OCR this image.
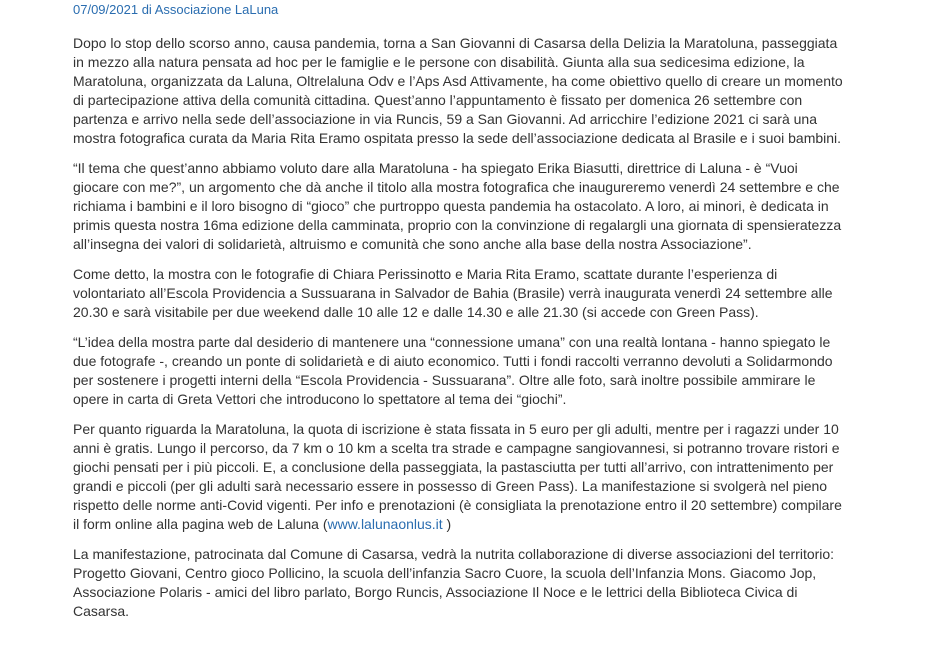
07/09/2021 di Associazione LaLuna

Dopo lo stop dello scorso anno, causa pandemia, torna a San Giovanni di Casarsa della Delizia la Maratoluna, passeggiata
in mezzo alla natura pensata ad hoc per le famiglie e le persone con disabilità. Giunta alla sua sedicesima edizione, la
Maratoluna, organizzata da Laluna, Oltrelaluna Odv e l’Aps Asd Attivamente, ha come obiettivo quello di creare un momento
di partecipazione attiva della comunità cittadina. Quest’anno l’appuntamento è fissato per domenica 26 settembre con
partenza e arrivo nella sede dell’associazione in via Runcis, 59 a San Giovanni. Ad arricchire l’edizione 2021 ci sarà una
mostra fotografica curata da Maria Rita Eramo ospitata presso la sede dell’associazione dedicata al Brasile e i suoi bambini.

“Il tema che quest’anno abbiamo voluto dare alla Maratoluna - ha spiegato Erika Biasutti, direttrice di Laluna - è “Vuoi
giocare con me?”, un argomento che dà anche il titolo alla mostra fotografica che inaugureremo venerdì 24 settembre e che
richiama i bambini e il loro bisogno di “gioco” che purtroppo questa pandemia ha ostacolato. A loro, ai minori, è dedicata in
primis questa nostra 16ma edizione della camminata, proprio con la convinzione di regalargli una giornata di spensieratezza
all’insegna dei valori di solidarietà, altruismo e comunità che sono anche alla base della nostra Associazione”.

Come detto, la mostra con le fotografie di Chiara Perissinotto e Maria Rita Eramo, scattate durante l’esperienza di
volontariato all’Escola Providencia a Sussuarana in Salvador de Bahia (Brasile) verrà inaugurata venerdì 24 settembre alle
20.30 e sarà visitabile per due weekend dalle 10 alle 12 e dalle 14.30 e alle 21.30 (si accede con Green Pass).

“L’idea della mostra parte dal desiderio di mantenere una “connessione umana” con una realtà lontana - hanno spiegato le
due fotografe -, creando un ponte di solidarietà e di aiuto economico. Tutti i fondi raccolti verranno devoluti a Solidarmondo
per sostenere i progetti interni della “Escola Providencia - Sussuarana”. Oltre alle foto, sarà inoltre possibile ammirare le
opere in carta di Greta Vettori che introducono lo spettatore al tema dei “giochi”.

Per quanto riguarda la Maratoluna, la quota di iscrizione è stata fissata in 5 euro per gli adulti, mentre per i ragazzi under 10
anni è gratis. Lungo il percorso, da 7 km o 10 km a scelta tra strade e campagne sangiovannesi, si potranno trovare ristori e
giochi pensati per i più piccoli. E, a conclusione della passeggiata, la pastasciutta per tutti all’arrivo, con intrattenimento per
grandi e piccoli (per gli adulti sarà necessario essere in possesso di Green Pass). La manifestazione si svolgerà nel pieno
rispetto delle norme anti-Covid vigenti. Per info e prenotazioni (è consigliata la prenotazione entro il 20 settembre) compilare
il form online alla pagina web de Laluna (www.lalunaonlus.it )

La manifestazione, patrocinata dal Comune di Casarsa, vedrà la nutrita collaborazione di diverse associazioni del territorio:
Progetto Giovani, Centro gioco Pollicino, la scuola dell’infanzia Sacro Cuore, la scuola dell’Infanzia Mons. Giacomo Jop,
Associazione Polaris - amici del libro parlato, Borgo Runcis, Associazione Il Noce e le lettrici della Biblioteca Civica di
Casarsa.
